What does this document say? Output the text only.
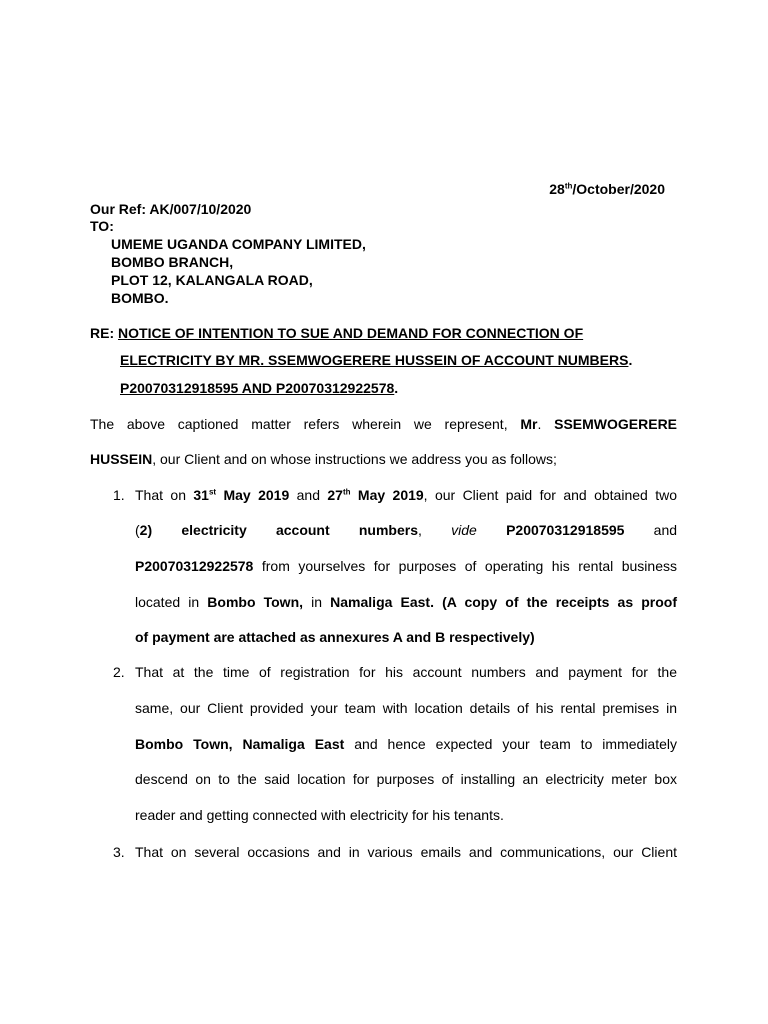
28th/October/2020
Our Ref: AK/007/10/2020
TO:
UMEME UGANDA COMPANY LIMITED,
BOMBO BRANCH,
PLOT 12, KALANGALA ROAD,
BOMBO.
RE: NOTICE OF INTENTION TO SUE AND DEMAND FOR CONNECTION OF
ELECTRICITY BY MR. SSEMWOGERERE HUSSEIN OF ACCOUNT NUMBERS.
P20070312918595 AND P20070312922578.
The above captioned matter refers wherein we represent, Mr. SSEMWOGERERE
HUSSEIN, our Client and on whose instructions we address you as follows;
1. That on 31st May 2019 and 27th May 2019, our Client paid for and obtained two
(2) electricity account numbers, vide P20070312918595 and
P20070312922578 from yourselves for purposes of operating his rental business
located in Bombo Town, in Namaliga East. (A copy of the receipts as proof
of payment are attached as annexures A and B respectively)
2. That at the time of registration for his account numbers and payment for the
same, our Client provided your team with location details of his rental premises in
Bombo Town, Namaliga East and hence expected your team to immediately
descend on to the said location for purposes of installing an electricity meter box
reader and getting connected with electricity for his tenants.
3. That on several occasions and in various emails and communications, our Client
